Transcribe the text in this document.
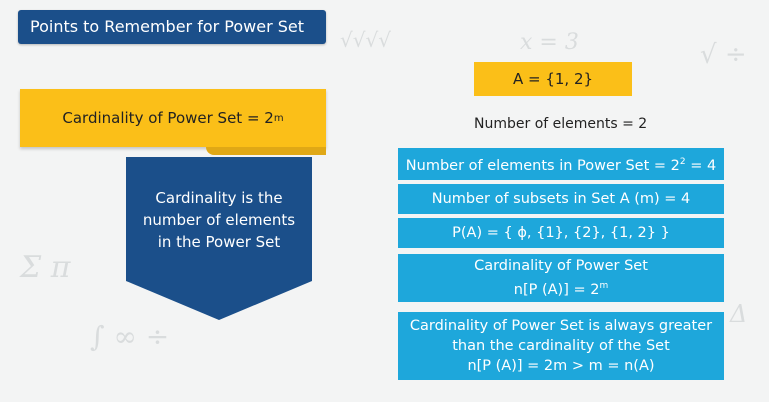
√√√√	x = 3
∫ ∞ ÷
Σ π
√ ÷
Δ
Points to Remember for Power Set
Cardinality of Power Set = 2 m
Cardinality is the
number of elements
in the Power Set
A = {1, 2}
Number of elements = 2
Number of elements in Power Set = $2^2 = 4$
Number of subsets in Set A (m) = 4
P(A) = { ϕ, {1}, {2}, {1, 2} }
Cardinality of Power Set
n[P $(A)] = 2^m$
Cardinality of Power Set is always greater
than the cardinality of the Set
n[P (A)] = 2m > m = n(A)
